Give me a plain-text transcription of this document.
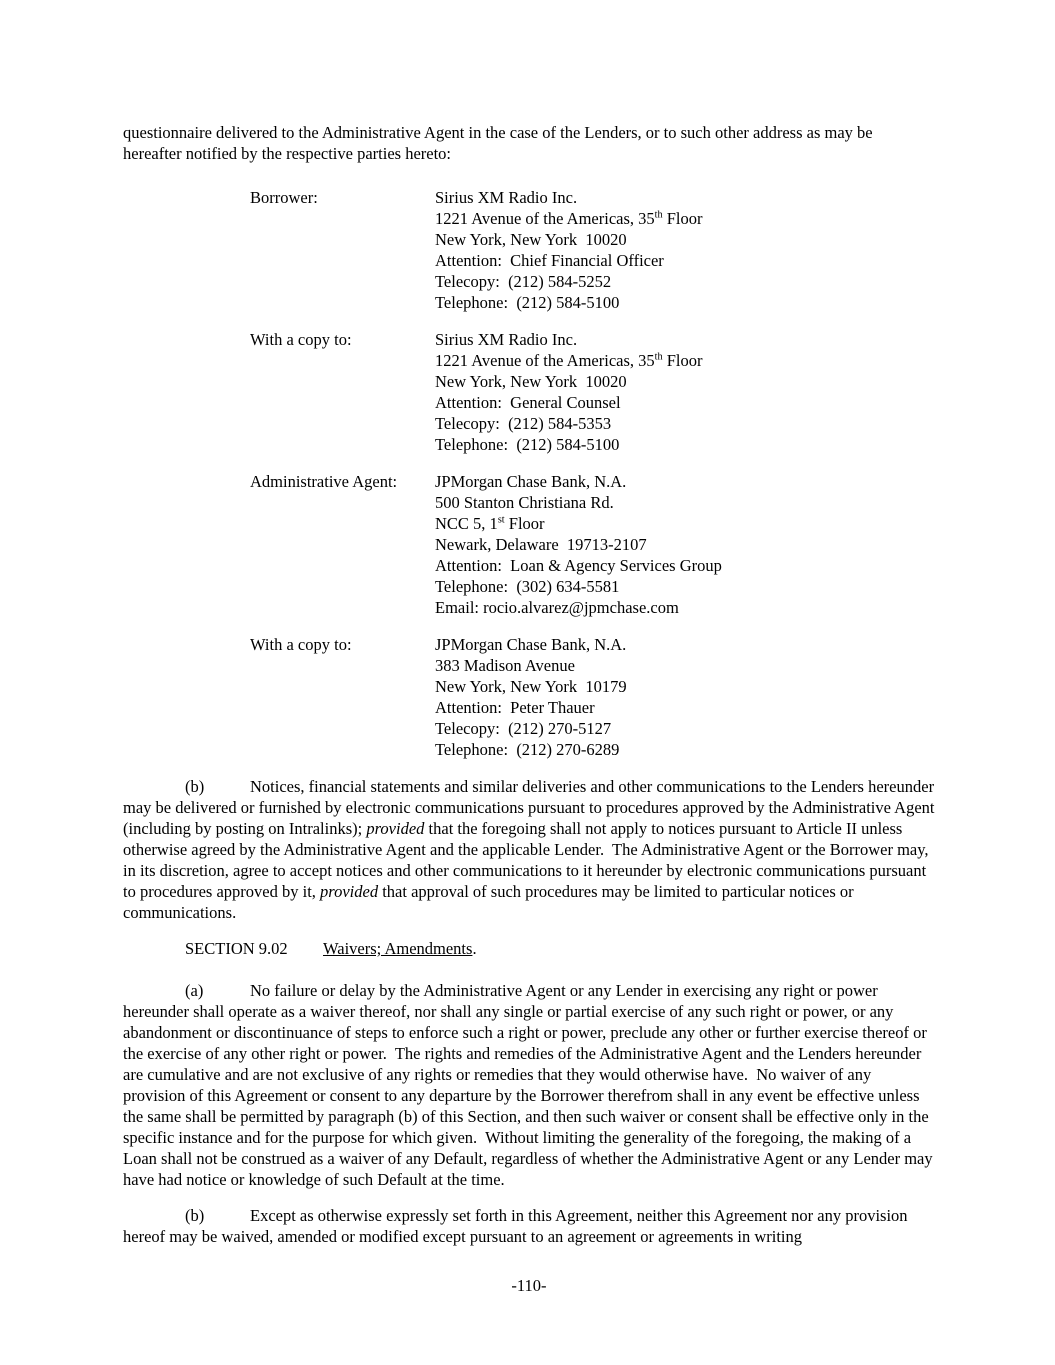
questionnaire delivered to the Administrative Agent in the case of the Lenders, or to such other address as may be hereafter notified by the respective parties hereto:

Borrower:	Sirius XM Radio Inc.
1221 Avenue of the Americas, 35th Floor
New York, New York  10020
Attention:  Chief Financial Officer
Telecopy:  (212) 584-5252
Telephone:  (212) 584-5100
With a copy to:	Sirius XM Radio Inc.
1221 Avenue of the Americas, 35th Floor
New York, New York  10020
Attention:  General Counsel
Telecopy:  (212) 584-5353
Telephone:  (212) 584-5100
Administrative Agent:	JPMorgan Chase Bank, N.A.
500 Stanton Christiana Rd.
NCC 5, 1st Floor
Newark, Delaware  19713-2107
Attention:  Loan & Agency Services Group
Telephone:  (302) 634-5581
Email: rocio.alvarez@jpmchase.com
With a copy to:	JPMorgan Chase Bank, N.A.
383 Madison Avenue
New York, New York  10179
Attention:  Peter Thauer
Telecopy:  (212) 270-5127
Telephone:  (212) 270-6289

(b)	Notices, financial statements and similar deliveries and other communications to the Lenders hereunder may be delivered or furnished by electronic communications pursuant to procedures approved by the Administrative Agent (including by posting on Intralinks); provided that the foregoing shall not apply to notices pursuant to Article II unless otherwise agreed by the Administrative Agent and the applicable Lender.  The Administrative Agent or the Borrower may, in its discretion, agree to accept notices and other communications to it hereunder by electronic communications pursuant to procedures approved by it, provided that approval of such procedures may be limited to particular notices or communications.

SECTION 9.02 Waivers; Amendments.

(a)	No failure or delay by the Administrative Agent or any Lender in exercising any right or power hereunder shall operate as a waiver thereof, nor shall any single or partial exercise of any such right or power, or any abandonment or discontinuance of steps to enforce such a right or power, preclude any other or further exercise thereof or the exercise of any other right or power.  The rights and remedies of the Administrative Agent and the Lenders hereunder are cumulative and are not exclusive of any rights or remedies that they would otherwise have.  No waiver of any provision of this Agreement or consent to any departure by the Borrower therefrom shall in any event be effective unless the same shall be permitted by paragraph (b) of this Section, and then such waiver or consent shall be effective only in the specific instance and for the purpose for which given.  Without limiting the generality of the foregoing, the making of a Loan shall not be construed as a waiver of any Default, regardless of whether the Administrative Agent or any Lender may have had notice or knowledge of such Default at the time.

(b)	Except as otherwise expressly set forth in this Agreement, neither this Agreement nor any provision hereof may be waived, amended or modified except pursuant to an agreement or agreements in writing

-110-
